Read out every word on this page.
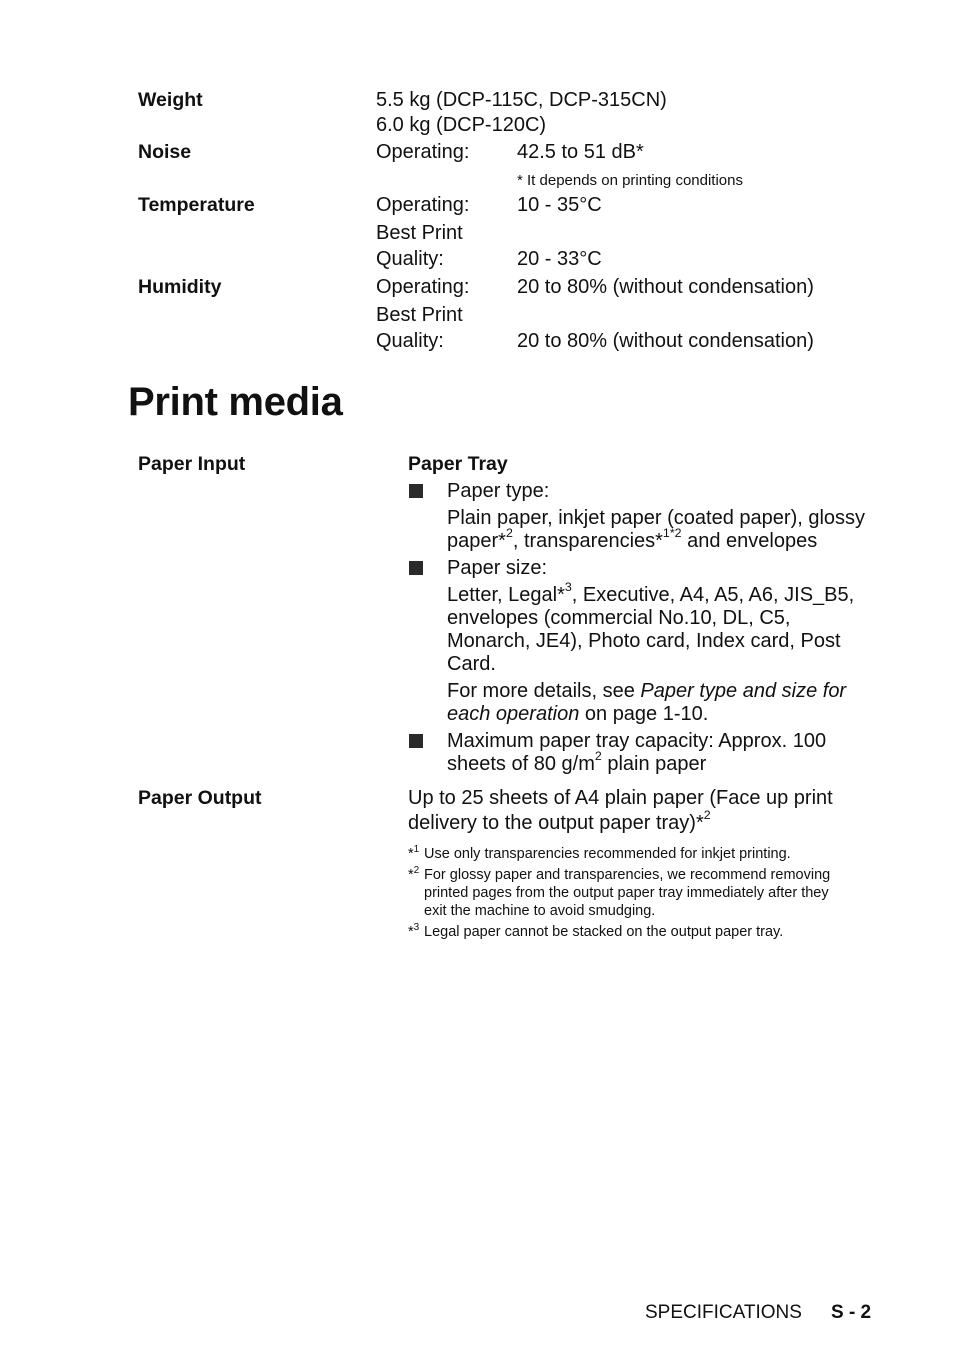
Weight	5.5 kg (DCP-115C, DCP-315CN)
6.0 kg (DCP-120C)
Noise	Operating: 42.5 to 51 dB*
* It depends on printing conditions
Temperature	Operating: 10 - 35°C
Best Print
Quality:	20 - 33°C
Humidity	Operating: 20 to 80% (without condensation)
Best Print
Quality:	20 to 80% (without condensation)
Print media
Paper Input	Paper Tray
Paper type:
Plain paper, inkjet paper (coated paper), glossy
paper*$^2$, transparencies*$^{1*2}$ and envelopes
Paper size:
Letter, Legal*$^3$, Executive, A4, A5, A6, JIS_B5,
envelopes (commercial No.10, DL, C5,
Monarch, JE4), Photo card, Index card, Post
Card.
For more details, see Paper type and size for
each operation on page 1-10.
Maximum paper tray capacity: Approx. 100
sheets of 80 $g/m^2$ plain paper
Paper Output	Up to 25 sheets of A4 plain paper (Face up print
delivery to the output paper tray)*$^2$
*$^1$ Use only transparencies recommended for inkjet printing.
*$^2$ For glossy paper and transparencies, we recommend removing
printed pages from the output paper tray immediately after they
exit the machine to avoid smudging.
*$^3$ Legal paper cannot be stacked on the output paper tray.
SPECIFICATIONS S - 2
